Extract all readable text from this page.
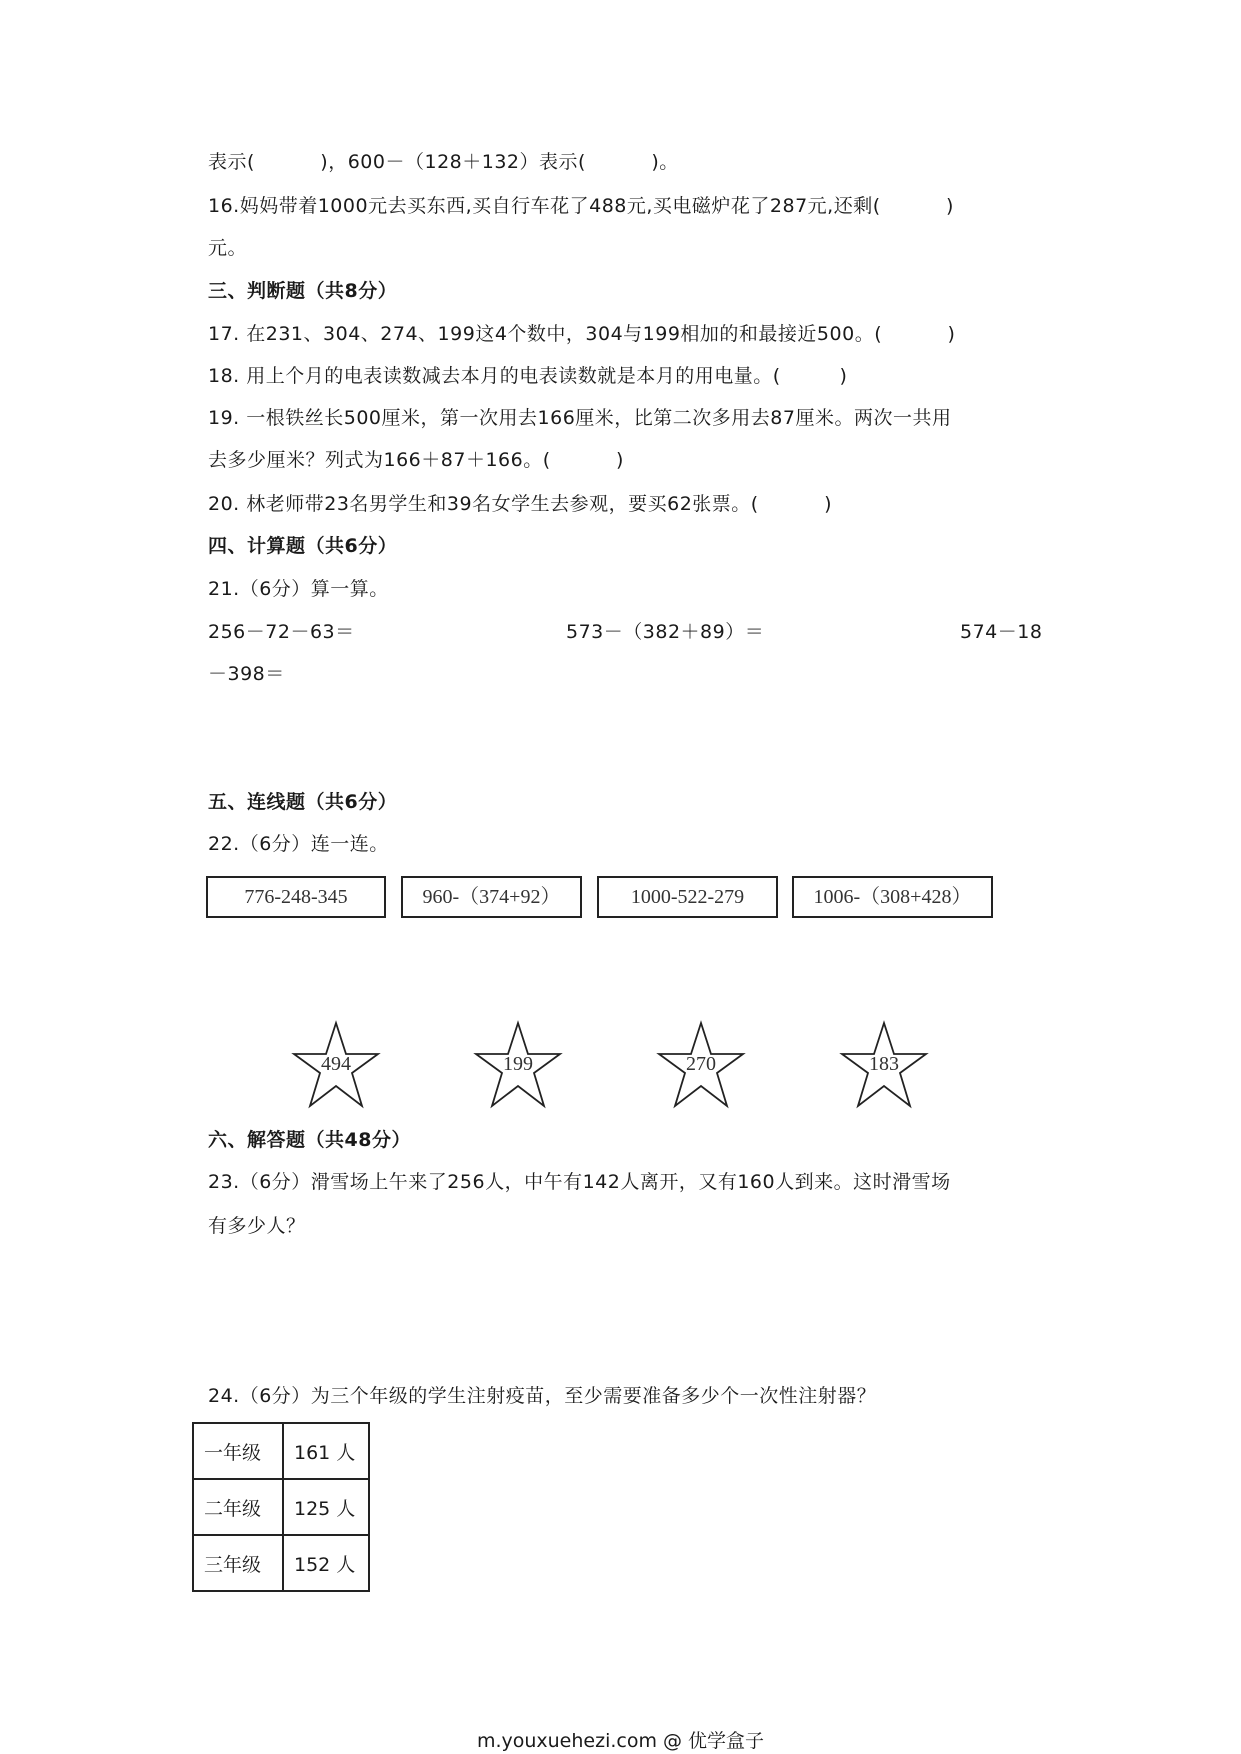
表示(          )，600－（128＋132）表示(          )。
16.妈妈带着1000元去买东西,买自行车花了488元,买电磁炉花了287元,还剩(          )
元。
三、判断题（共8分）
17. 在231、304、274、199这4个数中，304与199相加的和最接近500。(          )
18. 用上个月的电表读数减去本月的电表读数就是本月的用电量。(         )
19. 一根铁丝长500厘米，第一次用去166厘米，比第二次多用去87厘米。两次一共用
去多少厘米？列式为166＋87＋166。(          )
20. 林老师带23名男学生和39名女学生去参观，要买62张票。(          )
四、计算题（共6分）
21.（6分）算一算。
256－72－63＝	573－（382＋89）＝	574－18
－398＝
五、连线题（共6分）
22.（6分）连一连。
776-248-345	960-（374+92）	1000-522-279	1006-（308+428）
494	199	270	183
六、解答题（共48分）
23.（6分）滑雪场上午来了256人，中午有142人离开，又有160人到来。这时滑雪场
有多少人？
24.（6分）为三个年级的学生注射疫苗，至少需要准备多少个一次性注射器？
一年级	161 人
二年级	125 人
三年级	152 人
m.youxuehezi.com @ 优学盒子
